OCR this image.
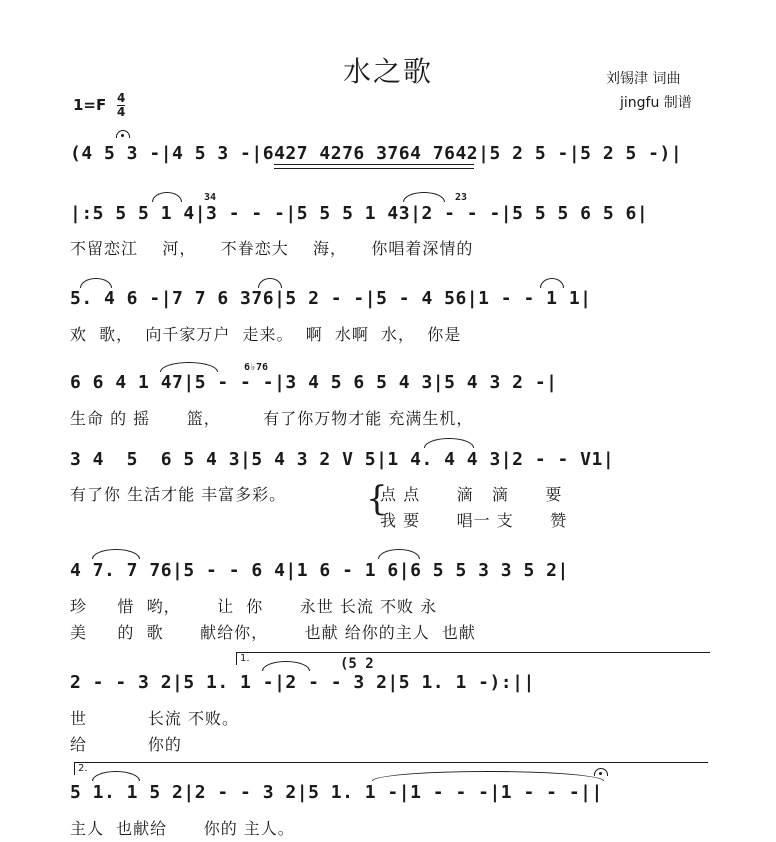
水之歌	刘锡津 词曲
jingfu 制谱
1=F 4
4
(4 5 3 -|4 5 3 -|6427 4276 3764 7642|5 2 5 -|5 2 5 -)|
|:5 5 5 1 4|3 - - -|5 5 5 1 43|2 - - -|5 5 5 6 5 6|
34	23
不留恋江    河，    不眷恋大    海，    你唱着深情的
5. 4 6 -|7 7 6 376|5 2 - -|5 - 4 56|1 - - 1 1|
欢  歌，  向千家万户  走来。  啊  水啊  水，  你是
6 6 4 1 47|5 - - -|3 4 5 6 5 4 3|5 4 3 2 -|
6♭76
生命 的 摇      篮，       有了你万物才能 充满生机，
3 4  5  6 5 4 3|5 4 3 2 V 5|1 4. 4 4 3|2 - - V1|
有了你 生活才能 丰富多彩。 {
点 点      滴   滴      要
我 要      唱一 支      赞
4 7. 7 76|5 - - 6 4|1 6 - 1 6|6 5 5 3 3 5 2|
珍     惜  哟，      让  你      永世 长流 不败 永
美     的  歌      献给你，      也献 给你的主人  也献
1.
2 - - 3 2|5 1. 1 -|2 - - 3 2|5 1. 1 -):||
(5 2
世          长流 不败。
给          你的
2.
5 1. 1 5 2|2 - - 3 2|5 1. 1 -|1 - - -|1 - - -||
主人  也献给      你的 主人。
